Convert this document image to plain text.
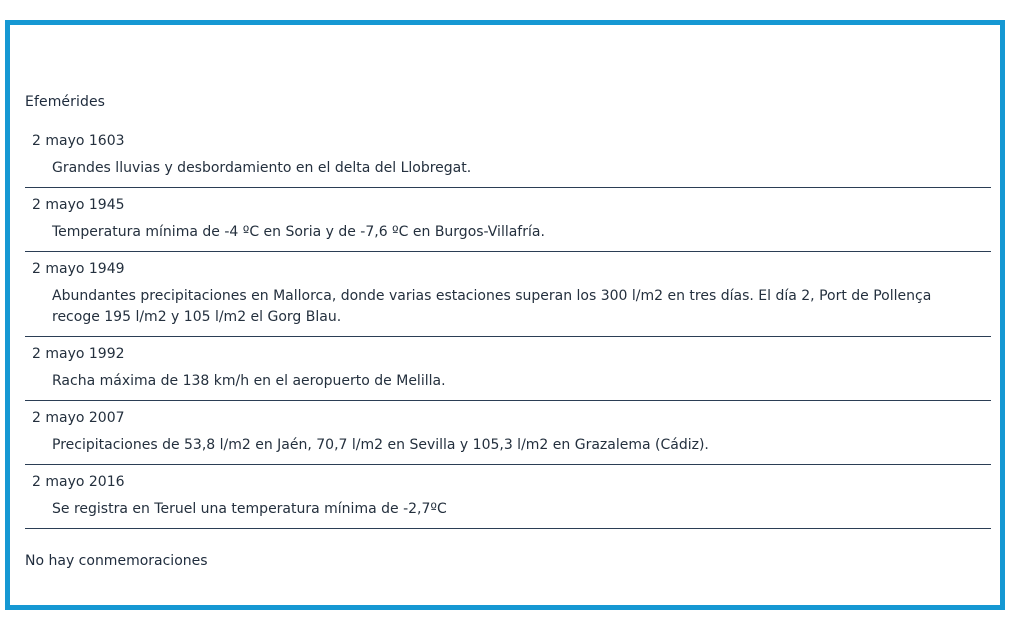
Efemérides
2 mayo 1603
Grandes lluvias y desbordamiento en el delta del Llobregat.
2 mayo 1945
Temperatura mínima de -4 ºC en Soria y de -7,6 ºC en Burgos-Villafría.
2 mayo 1949
Abundantes precipitaciones en Mallorca, donde varias estaciones superan los 300 l/m2 en tres días. El día 2, Port de Pollença recoge 195 l/m2 y 105 l/m2 el Gorg Blau.
2 mayo 1992
Racha máxima de 138 km/h en el aeropuerto de Melilla.
2 mayo 2007
Precipitaciones de 53,8 l/m2 en Jaén, 70,7 l/m2 en Sevilla y 105,3 l/m2 en Grazalema (Cádiz).
2 mayo 2016
Se registra en Teruel una temperatura mínima de -2,7ºC
No hay conmemoraciones
